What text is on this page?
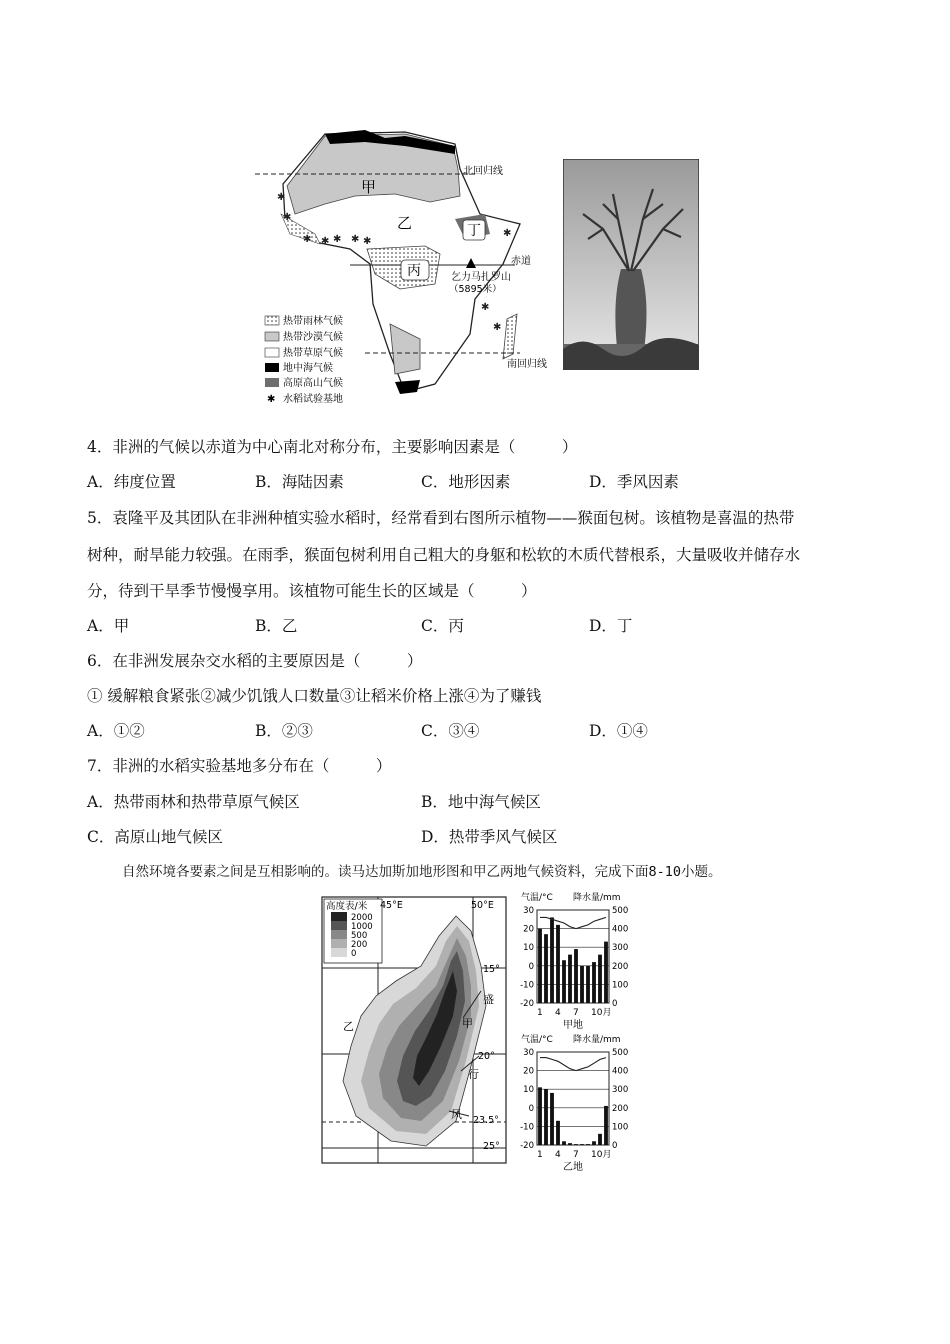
甲
乙
丙
丁
北回归线
赤道
南回归线
乞力马扎罗山
（5895米）
✱
✱
✱ ✱ ✱ ✱ ✱
✱
✱
✱
热带雨林气候
热带沙漠气候
热带草原气候
地中海气候
高原高山气候
✱ 水稻试验基地
4．非洲的气候以赤道为中心南北对称分布，主要影响因素是（　　　）
A．纬度位置	B．海陆因素	C．地形因素	D．季风因素
5．袁隆平及其团队在非洲种植实验水稻时，经常看到右图所示植物——猴面包树。该植物是喜温的热带
树种，耐旱能力较强。在雨季，猴面包树利用自己粗大的身躯和松软的木质代替根系，大量吸收并储存水
分，待到干旱季节慢慢享用。该植物可能生长的区域是（　　　）
A．甲	B．乙	C．丙	D．丁
6．在非洲发展杂交水稻的主要原因是（　　　）
① 缓解粮食紧张②减少饥饿人口数量③让稻米价格上涨④为了赚钱
A．①②	B．②③	C．③④	D．①④
7．非洲的水稻实验基地多分布在（　　　）
A．热带雨林和热带草原气候区	B．地中海气候区
C．高原山地气候区	D．热带季风气候区
自然环境各要素之间是互相影响的。读马达加斯加地形图和甲乙两地气候资料，完成下面8-10小题。
高度表/米
2000
1000
500
200
0
45°E	50°E
15°
20°
23.5°
25°
甲
乙
盛
行
风
气温/°C 降水量/mm
30
20
10
0
-10
-20
500
400
300
200
100
0
1 4 7 10月
甲地
气温/°C 降水量/mm
30
20
10
0
-10
-20
500
400
300
200
100
0
1 4 7 10月
乙地
